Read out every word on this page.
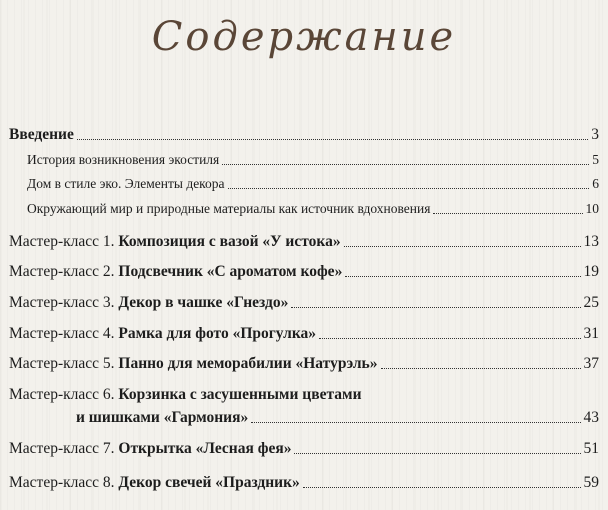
Содержание
Введение	3
История возникновения экостиля	5
Дом в стиле эко. Элементы декора	6
Окружающий мир и природные материалы как источник вдохновения	10
Мастер-класс 1. Композиция с вазой «У истока»	13
Мастер-класс 2. Подсвечник «С ароматом кофе»	19
Мастер-класс 3. Декор в чашке «Гнездо»	25
Мастер-класс 4. Рамка для фото «Прогулка»	31
Мастер-класс 5. Панно для меморабилии «Натурэль»	37
Мастер-класс 6. Корзинка с засушенными цветами
и шишками «Гармония»	43
Мастер-класс 7. Открытка «Лесная фея»	51
Мастер-класс 8. Декор свечей «Праздник»	59
